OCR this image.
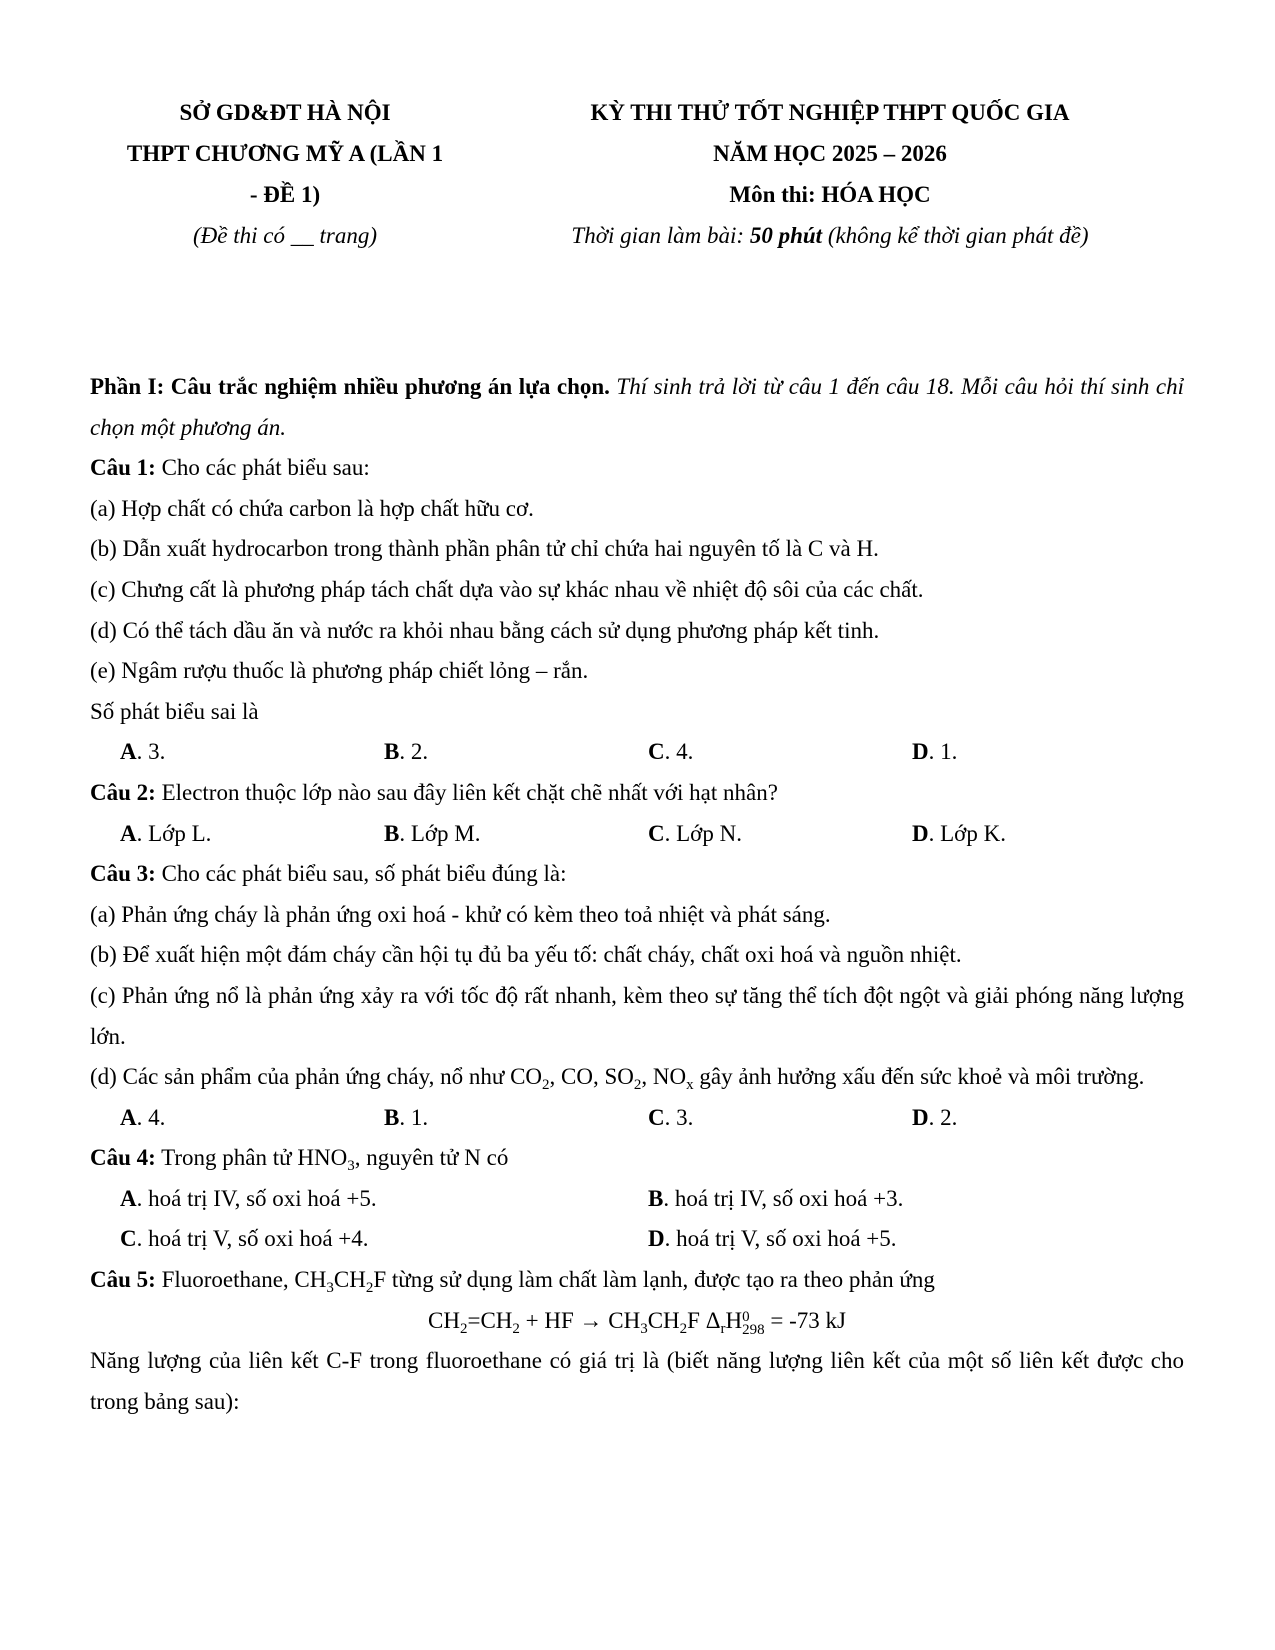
SỞ GD&ĐT HÀ NỘI
THPT CHƯƠNG MỸ A (LẦN 1
- ĐỀ 1)
(Đề thi có __ trang)
KỲ THI THỬ TỐT NGHIỆP THPT QUỐC GIA
NĂM HỌC 2025 – 2026
Môn thi: HÓA HỌC
Thời gian làm bài: 50 phút (không kể thời gian phát đề)

Phần I: Câu trắc nghiệm nhiều phương án lựa chọn. Thí sinh trả lời từ câu 1 đến câu 18. Mỗi câu hỏi thí sinh chỉ chọn một phương án.

Câu 1: Cho các phát biểu sau:

(a) Hợp chất có chứa carbon là hợp chất hữu cơ.

(b) Dẫn xuất hydrocarbon trong thành phần phân tử chỉ chứa hai nguyên tố là C và H.

(c) Chưng cất là phương pháp tách chất dựa vào sự khác nhau về nhiệt độ sôi của các chất.

(d) Có thể tách dầu ăn và nước ra khỏi nhau bằng cách sử dụng phương pháp kết tinh.

(e) Ngâm rượu thuốc là phương pháp chiết lỏng – rắn.

Số phát biểu sai là

A. 3.	B. 2.	C. 4.	D. 1.

Câu 2: Electron thuộc lớp nào sau đây liên kết chặt chẽ nhất với hạt nhân?

A. Lớp L.	B. Lớp M.	C. Lớp N.	D. Lớp K.

Câu 3: Cho các phát biểu sau, số phát biểu đúng là:

(a) Phản ứng cháy là phản ứng oxi hoá - khử có kèm theo toả nhiệt và phát sáng.

(b) Để xuất hiện một đám cháy cần hội tụ đủ ba yếu tố: chất cháy, chất oxi hoá và nguồn nhiệt.

(c) Phản ứng nổ là phản ứng xảy ra với tốc độ rất nhanh, kèm theo sự tăng thể tích đột ngột và giải phóng năng lượng lớn.

(d) Các sản phẩm của phản ứng cháy, nổ như $CO_2$, CO, $SO_2$, $NO_x$ gây ảnh hưởng xấu đến sức khoẻ và môi trường.

A. 4.	B. 1.	C. 3.	D. 2.

Câu 4: Trong phân tử $HNO_3$, nguyên tử N có

A. hoá trị IV, số oxi hoá +5.	B. hoá trị IV, số oxi hoá +3.
C. hoá trị V, số oxi hoá +4.	D. hoá trị V, số oxi hoá +5.

Câu 5: Fluoroethane, $CH_3CH_2F$ từng sử dụng làm chất làm lạnh, được tạo ra theo phản ứng

$CH_2=CH_2$ + HF → $CH_3CH_2F$ $\Delta_rH0$
298 = -73 kJ

Năng lượng của liên kết C-F trong fluoroethane có giá trị là (biết năng lượng liên kết của một số liên kết được cho trong bảng sau):
